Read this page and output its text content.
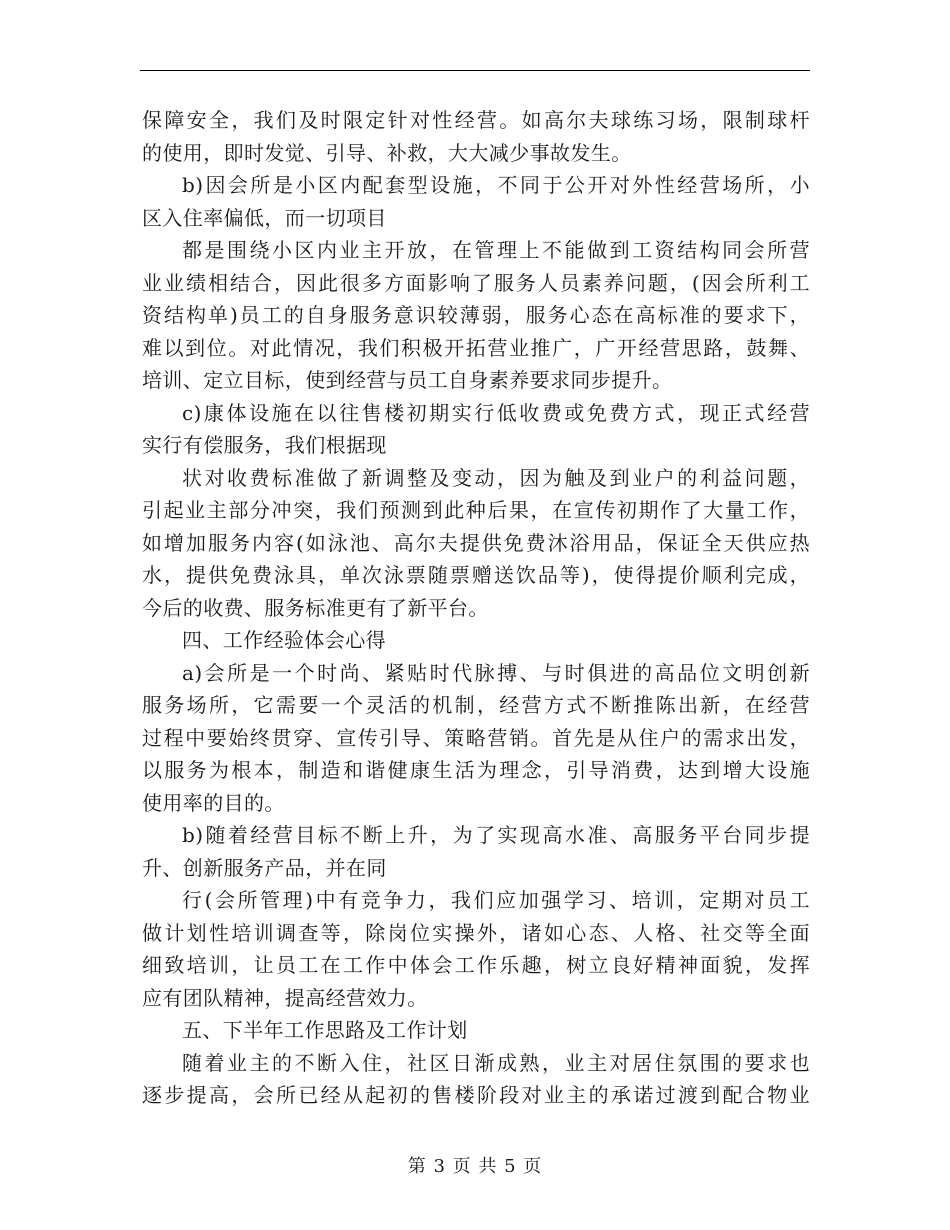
保障安全，我们及时限定针对性经营。如高尔夫球练习场，限制球杆
的使用，即时发觉、引导、补救，大大减少事故发生。
b)因会所是小区内配套型设施，不同于公开对外性经营场所，小
区入住率偏低，而一切项目
都是围绕小区内业主开放，在管理上不能做到工资结构同会所营
业业绩相结合，因此很多方面影响了服务人员素养问题，(因会所利工
资结构单)员工的自身服务意识较薄弱，服务心态在高标准的要求下，
难以到位。对此情况，我们积极开拓营业推广，广开经营思路，鼓舞、
培训、定立目标，使到经营与员工自身素养要求同步提升。
c)康体设施在以往售楼初期实行低收费或免费方式，现正式经营
实行有偿服务，我们根据现
状对收费标准做了新调整及变动，因为触及到业户的利益问题，
引起业主部分冲突，我们预测到此种后果，在宣传初期作了大量工作，
如增加服务内容(如泳池、高尔夫提供免费沐浴用品，保证全天供应热
水，提供免费泳具，单次泳票随票赠送饮品等)，使得提价顺利完成，
今后的收费、服务标准更有了新平台。
四、工作经验体会心得
a)会所是一个时尚、紧贴时代脉搏、与时俱进的高品位文明创新
服务场所，它需要一个灵活的机制，经营方式不断推陈出新，在经营
过程中要始终贯穿、宣传引导、策略营销。首先是从住户的需求出发，
以服务为根本，制造和谐健康生活为理念，引导消费，达到增大设施
使用率的目的。
b)随着经营目标不断上升，为了实现高水准、高服务平台同步提
升、创新服务产品，并在同
行(会所管理)中有竞争力，我们应加强学习、培训，定期对员工
做计划性培训调查等，除岗位实操外，诸如心态、人格、社交等全面
细致培训，让员工在工作中体会工作乐趣，树立良好精神面貌，发挥
应有团队精神，提高经营效力。
五、下半年工作思路及工作计划
随着业主的不断入住，社区日渐成熟，业主对居住氛围的要求也
逐步提高，会所已经从起初的售楼阶段对业主的承诺过渡到配合物业
第 3 页 共 5 页
